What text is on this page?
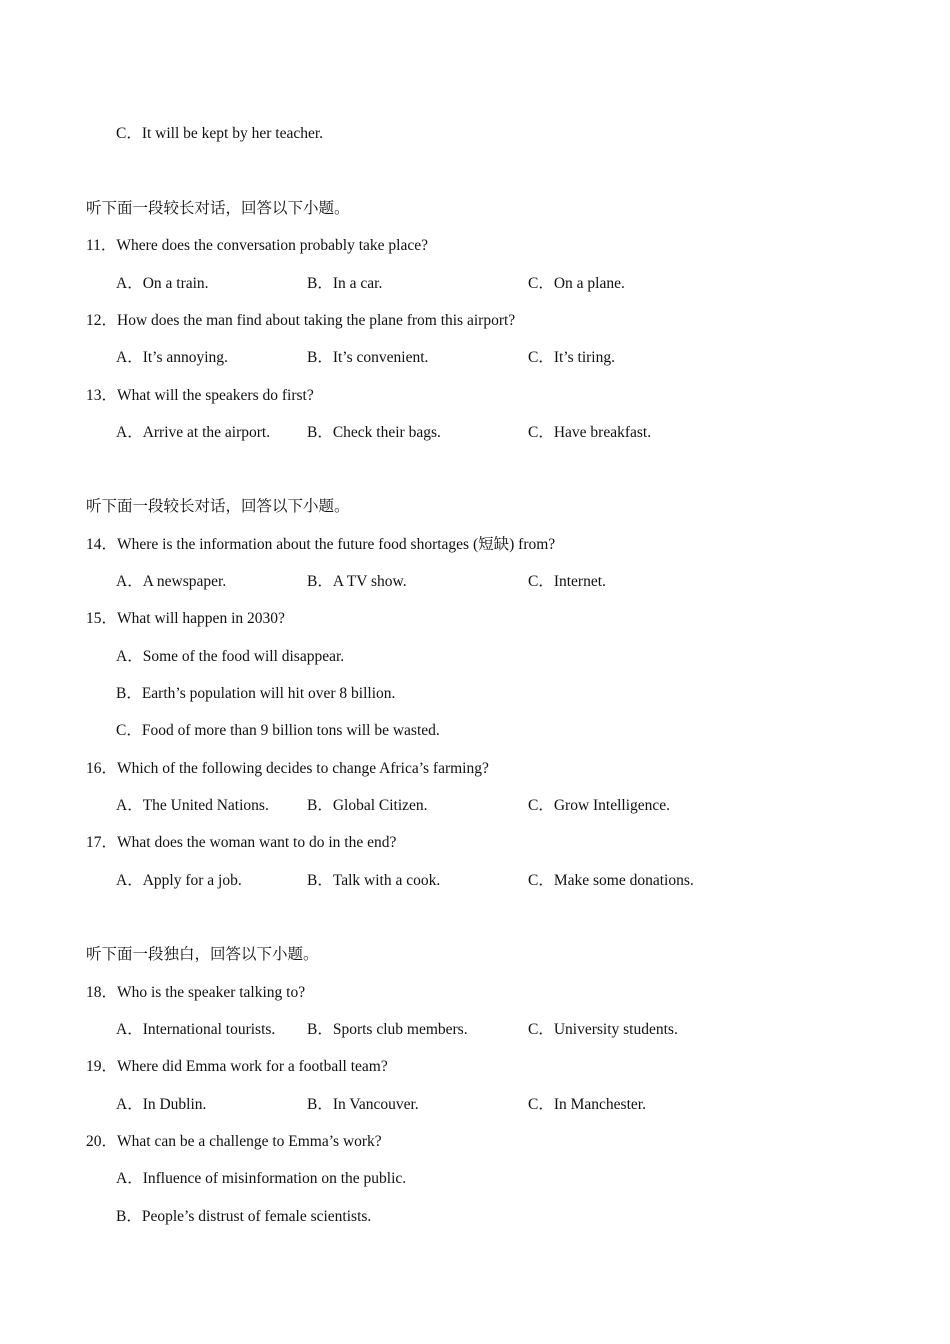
C．It will be kept by her teacher.
听下面一段较长对话，回答以下小题。
11．Where does the conversation probably take place?
A．On a train.	B．In a car.	C．On a plane.
12．How does the man find about taking the plane from this airport?
A．It’s annoying.	B．It’s convenient.	C．It’s tiring.
13．What will the speakers do first?
A．Arrive at the airport. B．Check their bags.	C．Have breakfast.
听下面一段较长对话，回答以下小题。
14．Where is the information about the future food shortages (短缺) from?
A．A newspaper.	B．A TV show.	C．Internet.
15．What will happen in 2030?
A．Some of the food will disappear.
B．Earth’s population will hit over 8 billion.
C．Food of more than 9 billion tons will be wasted.
16．Which of the following decides to change Africa’s farming?
A．The United Nations. B．Global Citizen.	C．Grow Intelligence.
17．What does the woman want to do in the end?
A．Apply for a job.	B．Talk with a cook.	C．Make some donations.
听下面一段独白，回答以下小题。
18．Who is the speaker talking to?
A．International tourists. B．Sports club members.	C．University students.
19．Where did Emma work for a football team?
A．In Dublin.	B．In Vancouver.	C．In Manchester.
20．What can be a challenge to Emma’s work?
A．Influence of misinformation on the public.
B．People’s distrust of female scientists.
